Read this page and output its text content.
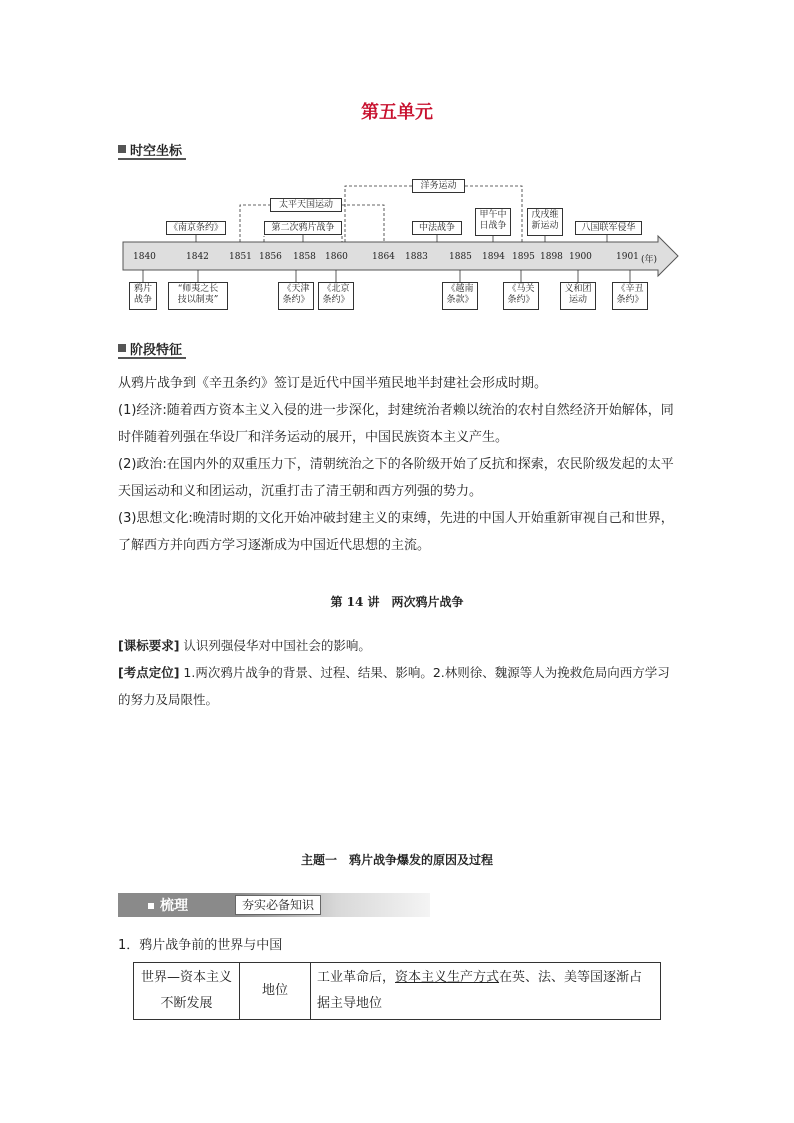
第五单元
时空坐标
1840	1842 1851 1856 1858 1860	1864 1883 1885 1894 1895 1898 1900	1901 (年)
《南京条约》
太平天国运动
第二次鸦片战争
洋务运动
中法战争
甲午中
日战争
戊戌维
新运动	八国联军侵华
鸦片
战争
“师夷之长
技以制夷”
《天津
条约》
《北京
条约》
《越南
条款》
《马关
条约》
义和团
运动
《辛丑
条约》
阶段特征
从鸦片战争到《辛丑条约》签订是近代中国半殖民地半封建社会形成时期。
(1)经济:随着西方资本主义入侵的进一步深化，封建统治者赖以统治的农村自然经济开始解体，同时伴随着列强在华设厂和洋务运动的展开，中国民族资本主义产生。
(2)政治:在国内外的双重压力下，清朝统治之下的各阶级开始了反抗和探索，农民阶级发起的太平天国运动和义和团运动，沉重打击了清王朝和西方列强的势力。
(3)思想文化:晚清时期的文化开始冲破封建主义的束缚，先进的中国人开始重新审视自己和世界，了解西方并向西方学习逐渐成为中国近代思想的主流。
第 14 讲　两次鸦片战争
[课标要求] 认识列强侵华对中国社会的影响。
[考点定位] 1.两次鸦片战争的背景、过程、结果、影响。2.林则徐、魏源等人为挽救危局向西方学习的努力及局限性。
主题一　鸦片战争爆发的原因及过程
梳理	夯实必备知识
1．鸦片战争前的世界与中国
世界—资本主义不断发展	地位	工业革命后，资本主义生产方式在英、法、美等国逐渐占据主导地位
